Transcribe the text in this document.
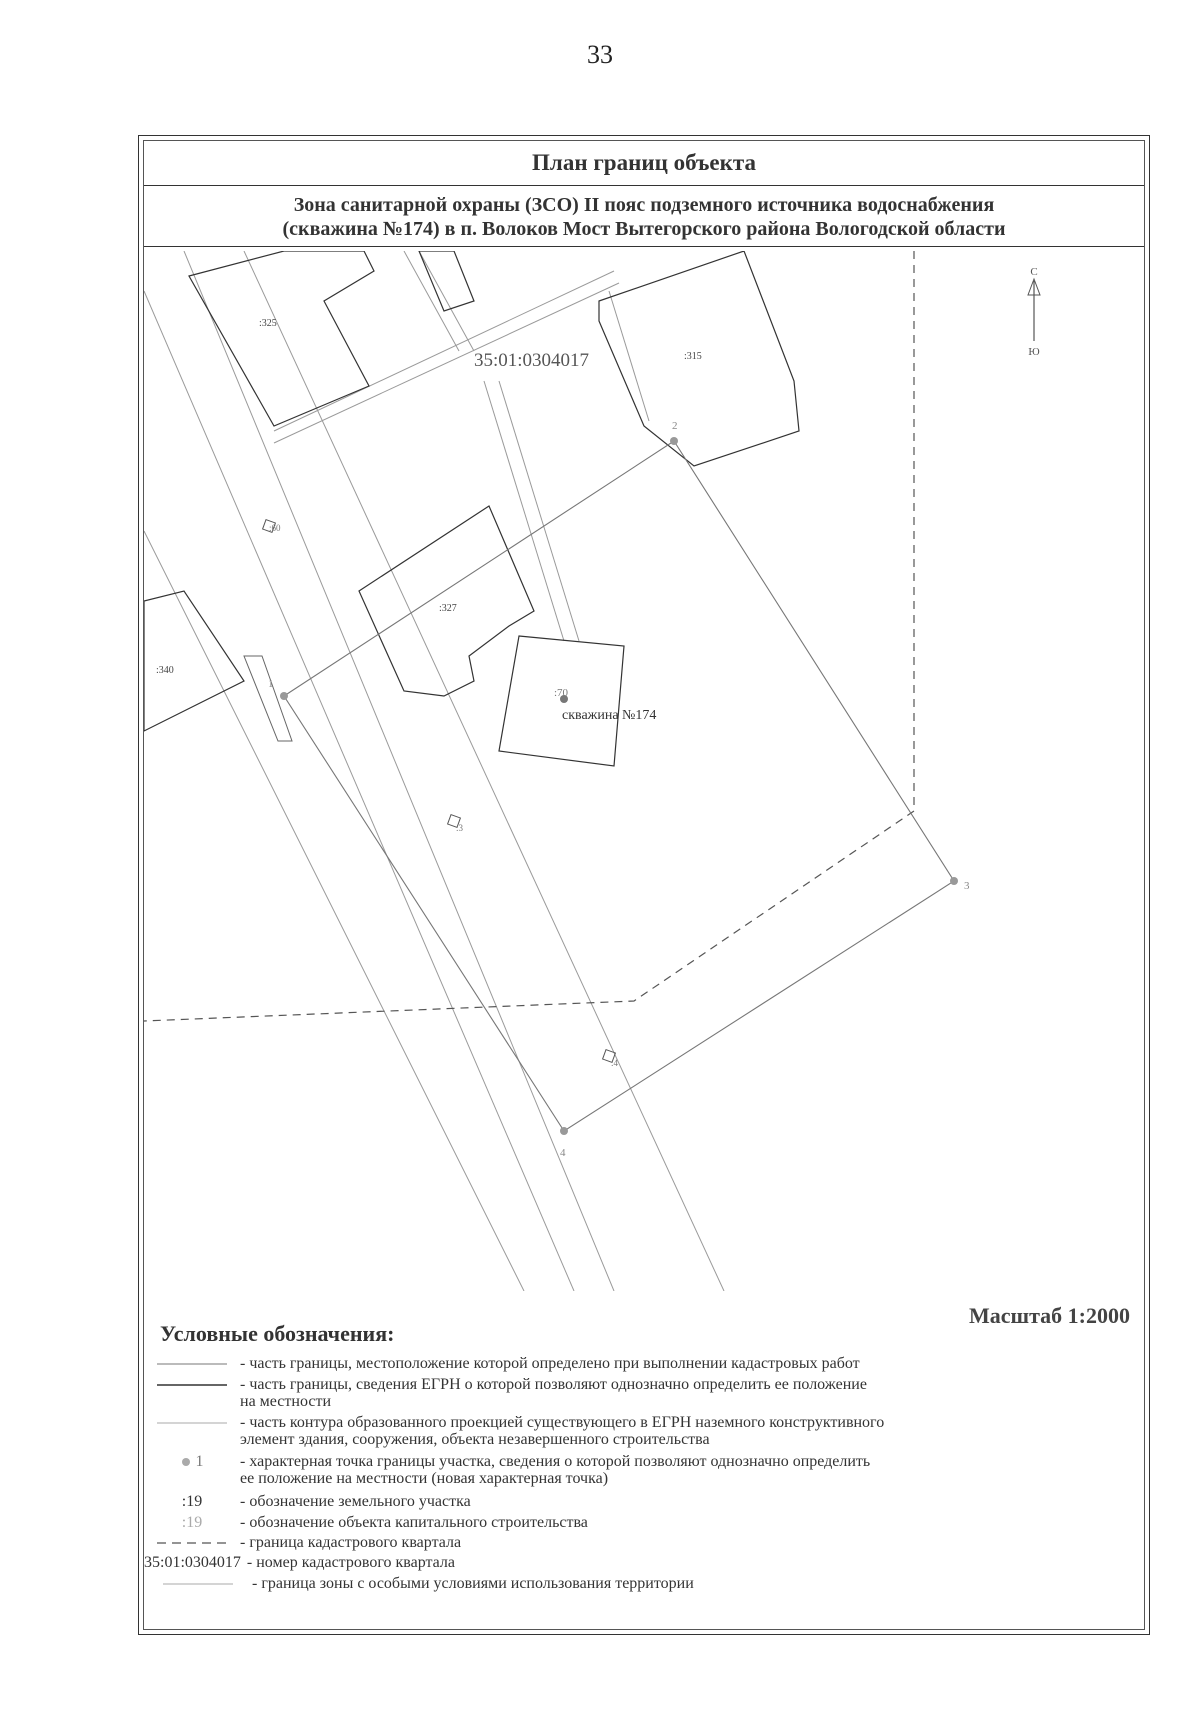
33
План границ объекта
Зона санитарной охраны (ЗСО) II пояс подземного источника водоснабжения
(скважина №174) в п. Волоков Мост Вытегорского района Вологодской области
С
Ю
35:01:0304017
:325
:315
:327
:340
:70
скважина №174
:60
:3
:4
1
2
3
4
Масштаб 1:2000
Условные обозначения:
- часть границы, местоположение которой определено при выполнении кадастровых работ
- часть границы, сведения ЕГРН о которой позволяют однозначно определить ее положение
на местности
- часть контура образованного проекцией существующего в ЕГРН наземного конструктивного
элемент здания, сооружения, объекта незавершенного строительства
1 - характерная точка границы участка, сведения о которой позволяют однозначно определить
ее положение на местности (новая характерная точка)
:19 - обозначение земельного участка
:19 - обозначение объекта капитального строительства
- граница кадастрового квартала
35:01:0304017 - номер кадастрового квартала
- граница зоны с особыми условиями использования территории
